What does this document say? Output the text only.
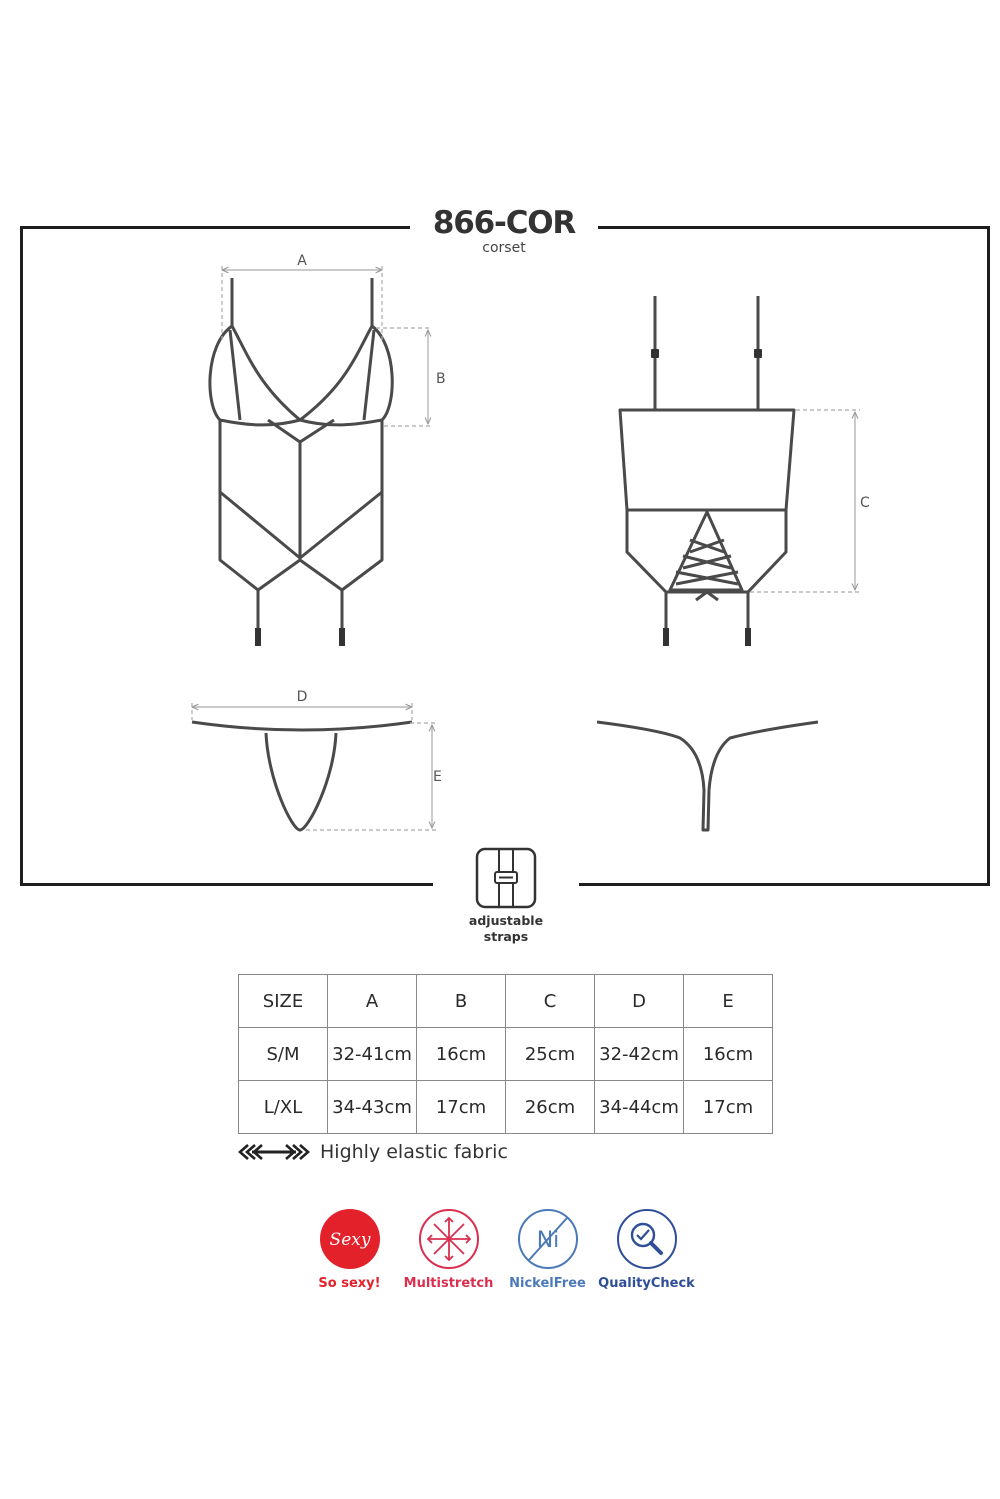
866-COR
corset
A
B
C
D
E
adjustable
straps
SIZE	A	B	C	D	E
S/M	32-41cm	16cm	25cm	32-42cm	16cm
L/XL	34-43cm	17cm	26cm	34-44cm	17cm
Highly elastic fabric
Sexy
So sexy! Multistretch
Ni
NickelFree QualityCheck
